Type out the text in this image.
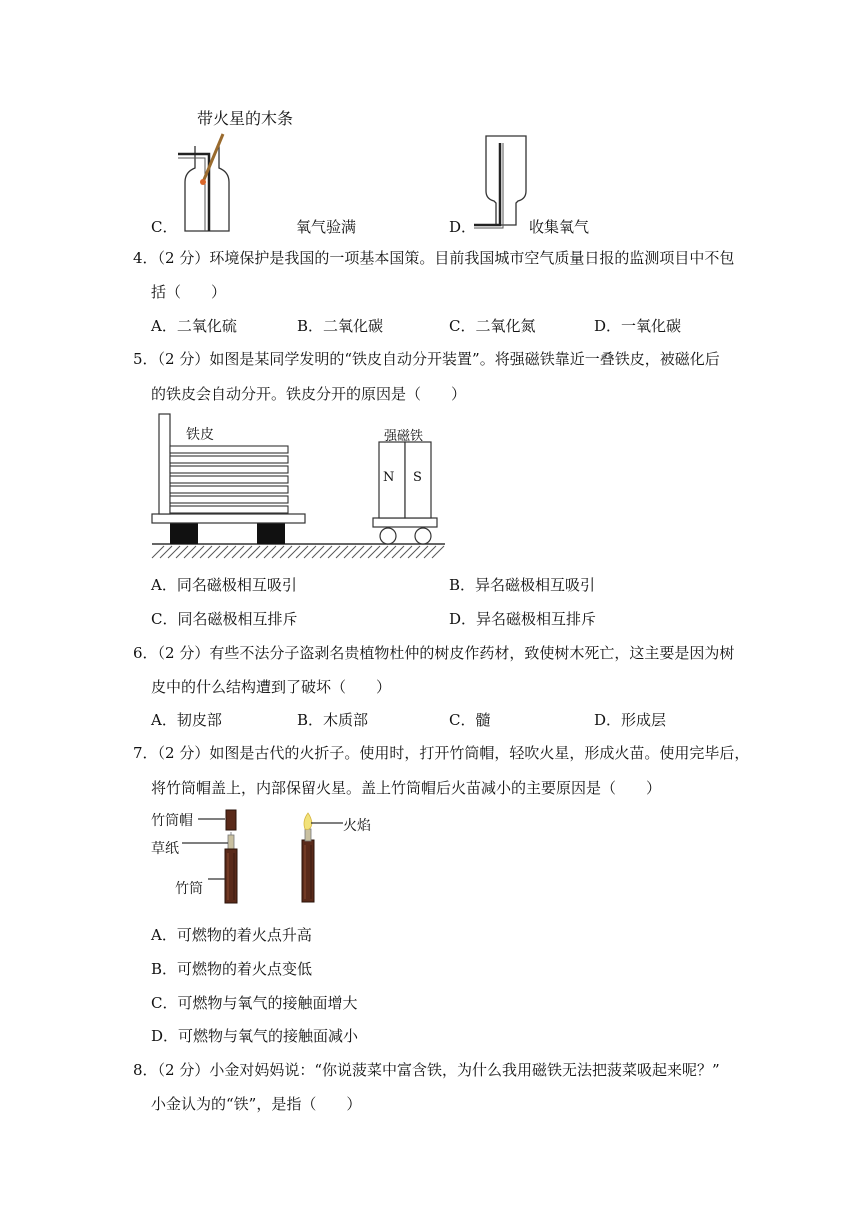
带火星的木条
C．	氧气验满	D．	收集氧气
4．（2 分）环境保护是我国的一项基本国策。目前我国城市空气质量日报的监测项目中不包
括（　　）
A．二氧化硫	B．二氧化碳	C．二氧化氮	D．一氧化碳
5．（2 分）如图是某同学发明的“铁皮自动分开装置”。将强磁铁靠近一叠铁皮，被磁化后
的铁皮会自动分开。铁皮分开的原因是（　　）
铁皮	强磁铁
N S
A．同名磁极相互吸引	B．异名磁极相互吸引
C．同名磁极相互排斥	D．异名磁极相互排斥
6．（2 分）有些不法分子盗剥名贵植物杜仲的树皮作药材，致使树木死亡，这主要是因为树
皮中的什么结构遭到了破坏（　　）
A．韧皮部	B．木质部	C．髓	D．形成层
7．（2 分）如图是古代的火折子。使用时，打开竹筒帽，轻吹火星，形成火苗。使用完毕后，
将竹筒帽盖上，内部保留火星。盖上竹筒帽后火苗减小的主要原因是（　　）
竹筒帽
草纸
竹筒
火焰
A．可燃物的着火点升高
B．可燃物的着火点变低
C．可燃物与氧气的接触面增大
D．可燃物与氧气的接触面减小
8．（2 分）小金对妈妈说：“你说菠菜中富含铁，为什么我用磁铁无法把菠菜吸起来呢？”
小金认为的“铁”，是指（　　）
